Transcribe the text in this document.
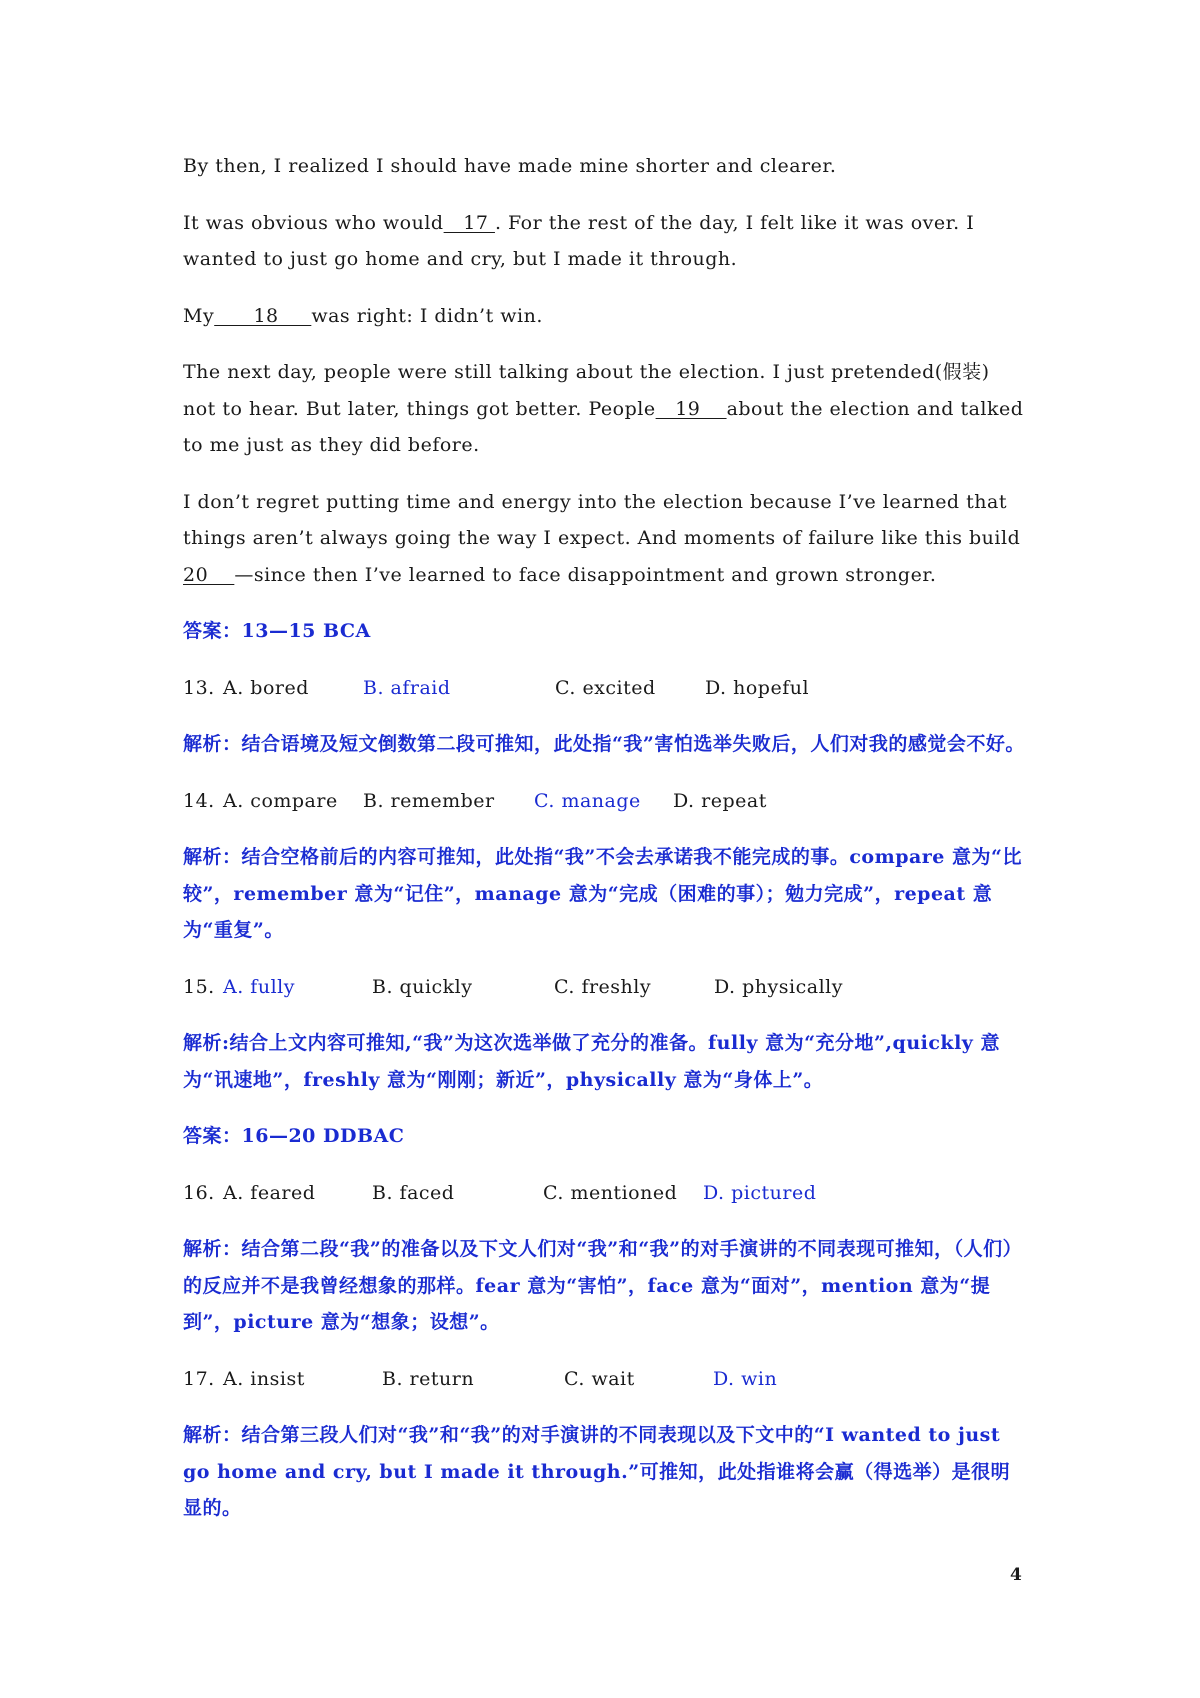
By then, I realized I should have made mine shorter and clearer.
It was obvious who would   17 . For the rest of the day, I felt like it was over. I wanted to just go home and cry, but I made it through.
My      18     was right: I didn’t win.
The next day, people were still talking about the election. I just pretended(假装) not to hear. But later, things got better. People   19    about the election and talked to me just as they did before.
I don’t regret putting time and energy into the election because I’ve learned that things aren’t always going the way I expect. And moments of failure like this build 20    —since then I’ve learned to face disappointment and grown stronger.
答案：13—15 BCA
13. A. bored	B. afraid	C. excited	D. hopeful
解析：结合语境及短文倒数第二段可推知，此处指“我”害怕选举失败后，人们对我的感觉会不好。
14. A. compare	B. remember	C. manage	D. repeat
解析：结合空格前后的内容可推知，此处指“我”不会去承诺我不能完成的事。compare 意为“比较”，remember 意为“记住”，manage 意为“完成（困难的事）；勉力完成”，repeat 意为“重复”。
15. A. fully	B. quickly	C. freshly	D. physically
解析:结合上文内容可推知,“我”为这次选举做了充分的准备。fully 意为“充分地”,quickly 意为“讯速地”，freshly 意为“刚刚；新近”，physically 意为“身体上”。
答案：16—20 DDBAC
16. A. feared	B. faced	C. mentioned	D. pictured
解析：结合第二段“我”的准备以及下文人们对“我”和“我”的对手演讲的不同表现可推知，（人们）的反应并不是我曾经想象的那样。fear 意为“害怕”，face 意为“面对”，mention 意为“提到”，picture 意为“想象；设想”。
17. A. insist	B. return	C. wait	D. win
解析：结合第三段人们对“我”和“我”的对手演讲的不同表现以及下文中的“I wanted to just go home and cry, but I made it through.”可推知，此处指谁将会赢（得选举）是很明显的。
4
